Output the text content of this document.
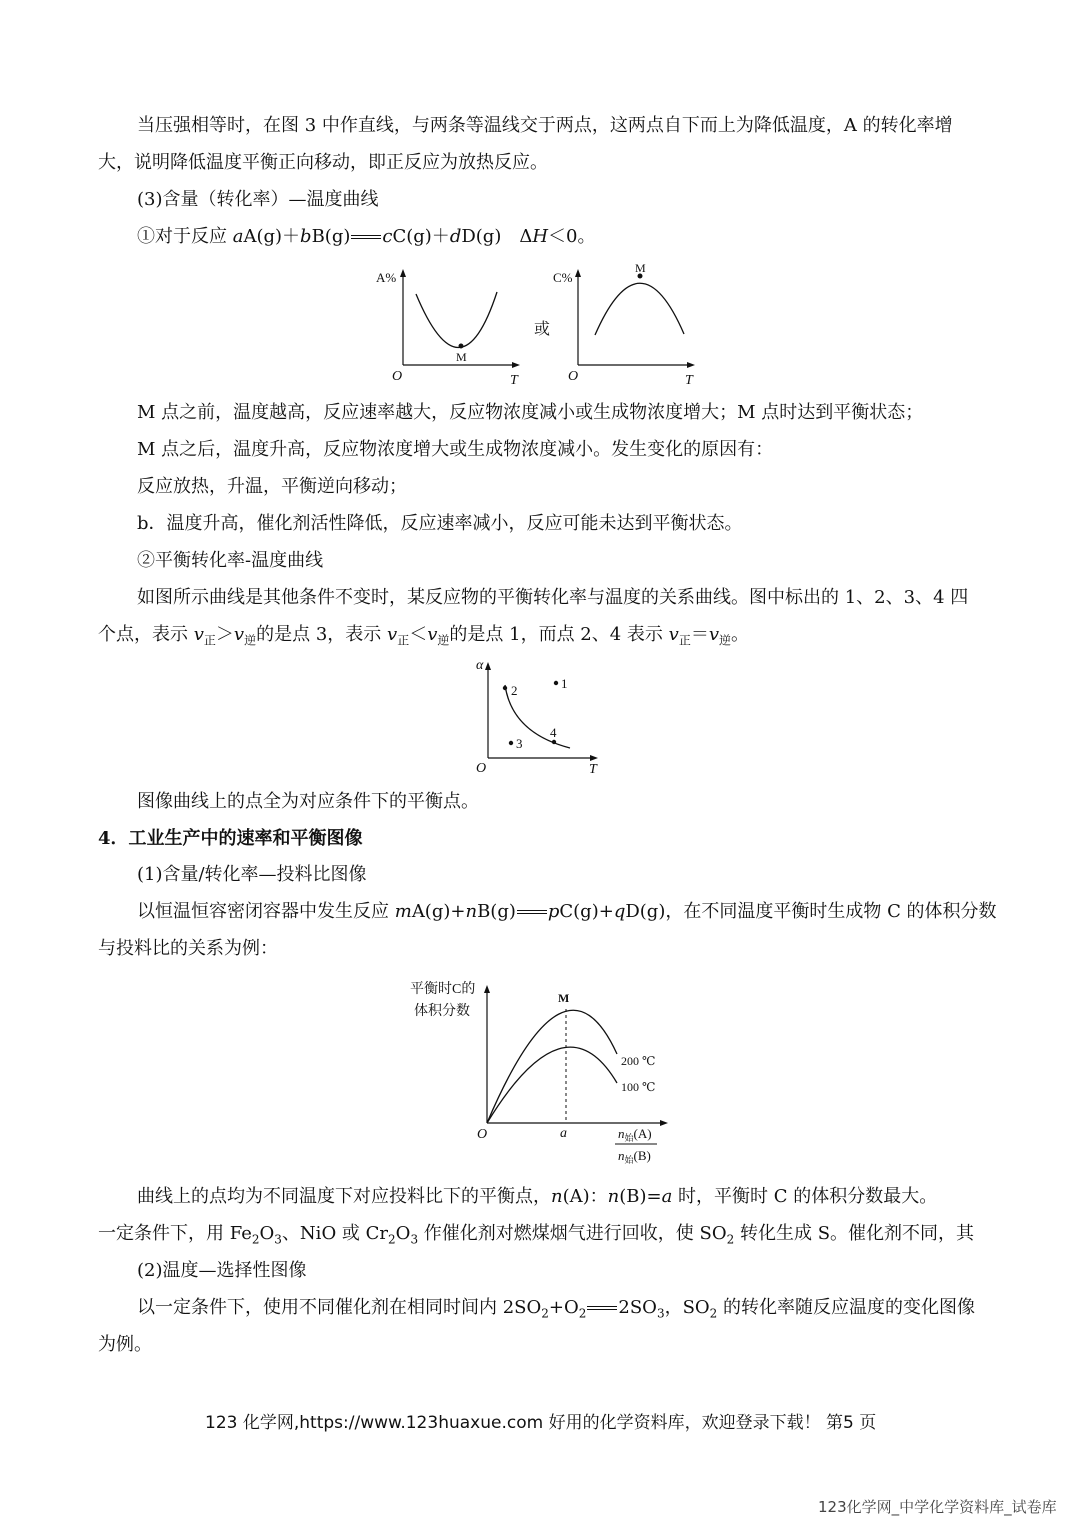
当压强相等时，在图 3 中作直线，与两条等温线交于两点，这两点自下而上为降低温度，A 的转化率增
大，说明降低温度平衡正向移动，即正反应为放热反应。
(3)含量（转化率）—温度曲线
①对于反应 aA(g)＋bB(g) cC(g)＋dD(g)　ΔH＜0。
A%
T
O
M
或
C%
T
O
M
M 点之前，温度越高，反应速率越大，反应物浓度减小或生成物浓度增大；M 点时达到平衡状态；
M 点之后，温度升高，反应物浓度增大或生成物浓度减小。发生变化的原因有：
反应放热，升温，平衡逆向移动；
b．温度升高，催化剂活性降低，反应速率减小，反应可能未达到平衡状态。
②平衡转化率-温度曲线
如图所示曲线是其他条件不变时，某反应物的平衡转化率与温度的关系曲线。图中标出的 1、2、3、4 四
个点，表示 $v_正>v_逆$的是点 3，表示 $v_正<v_逆$的是点 1，而点 2、4 表示 $v_正=v_逆$。
α
T
O
2	1
3
4
图像曲线上的点全为对应条件下的平衡点。
4．工业生产中的速率和平衡图像
(1)含量/转化率—投料比图像
以恒温恒容密闭容器中发生反应 mA(g)+nB(g) pC(g)+qD(g)，在不同温度平衡时生成物 C 的体积分数
与投料比的关系为例：
平衡时C的
体积分数
M
200 ℃
100 ℃
O	a	$n_始(A)$
$n_始(B)$
曲线上的点均为不同温度下对应投料比下的平衡点，n(A)：n(B)=a 时，平衡时 C 的体积分数最大。
一定条件下，用 $Fe_2O_3$、NiO 或 $Cr_2O_3$ 作催化剂对燃煤烟气进行回收，使 $SO_2$ 转化生成 S。催化剂不同，其
(2)温度—选择性图像
以一定条件下，使用不同催化剂在相同时间内 $2SO_2+O_2$ $2SO_3$，$SO_2$ 的转化率随反应温度的变化图像
为例。
123 化学网,https://www.123huaxue.com 好用的化学资料库，欢迎登录下载！ 第5 页
123化学网_中学化学资料库_试卷库
